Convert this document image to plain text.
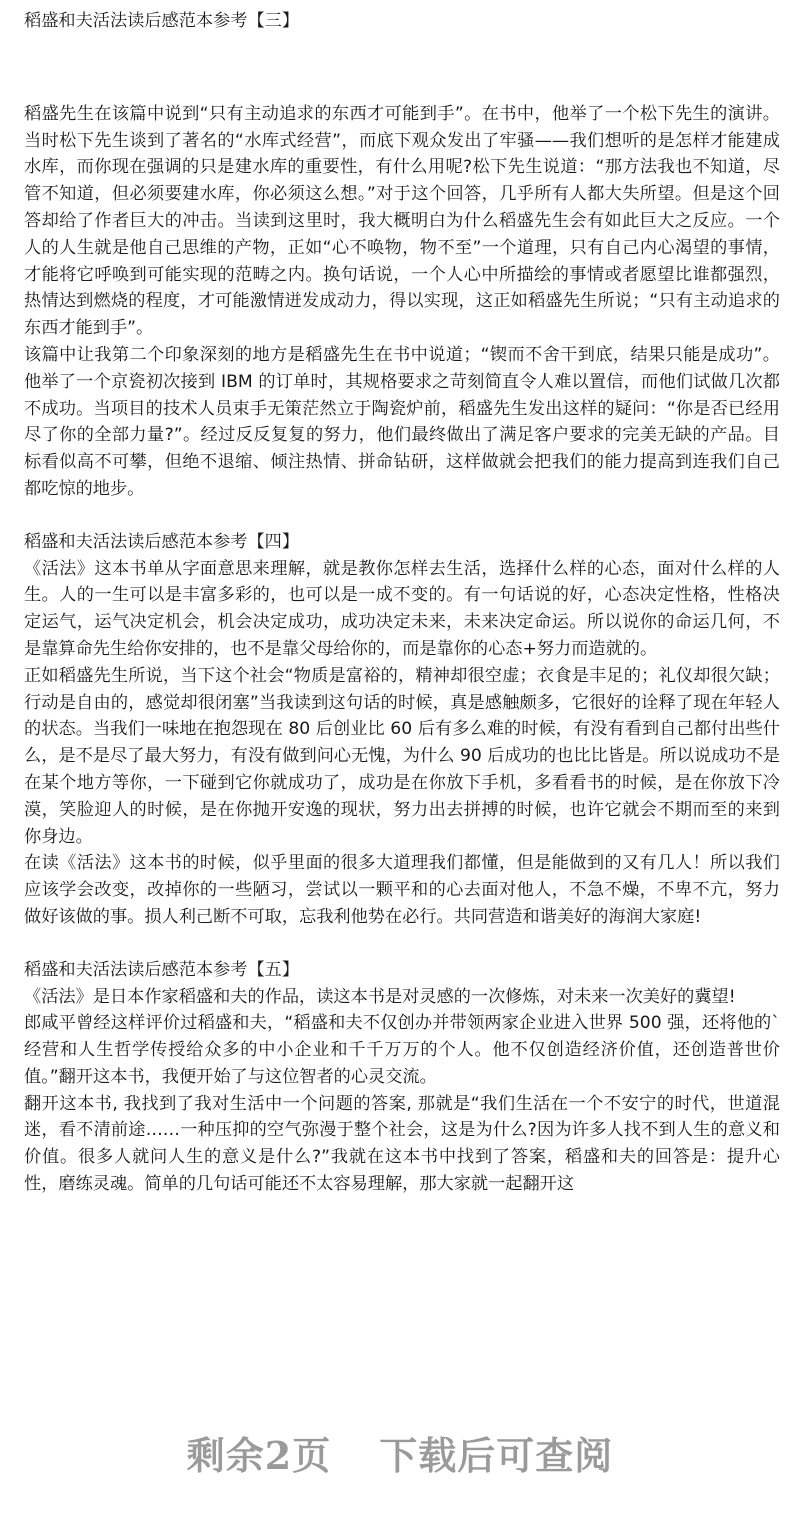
稻盛和夫活法读后感范本参考【三】

稻盛先生在该篇中说到“只有主动追求的东西才可能到手”。在书中，他举了一个松下先生的演讲。当时松下先生谈到了著名的“水库式经营”，而底下观众发出了牢骚——我们想听的是怎样才能建成水库，而你现在强调的只是建水库的重要性，有什么用呢?松下先生说道：“那方法我也不知道，尽管不知道，但必须要建水库，你必须这么想。”对于这个回答，几乎所有人都大失所望。但是这个回答却给了作者巨大的冲击。当读到这里时，我大概明白为什么稻盛先生会有如此巨大之反应。一个人的人生就是他自己思维的产物，正如“心不唤物，物不至”一个道理，只有自己内心渴望的事情，才能将它呼唤到可能实现的范畴之内。换句话说，一个人心中所描绘的事情或者愿望比谁都强烈，热情达到燃烧的程度，才可能激情迸发成动力，得以实现，这正如稻盛先生所说；“只有主动追求的东西才能到手”。

该篇中让我第二个印象深刻的地方是稻盛先生在书中说道；“锲而不舍干到底，结果只能是成功”。他举了一个京瓷初次接到 IBM 的订单时，其规格要求之苛刻简直令人难以置信，而他们试做几次都不成功。当项目的技术人员束手无策茫然立于陶瓷炉前，稻盛先生发出这样的疑问：“你是否已经用尽了你的全部力量?”。经过反反复复的努力，他们最终做出了满足客户要求的完美无缺的产品。目标看似高不可攀，但绝不退缩、倾注热情、拼命钻研，这样做就会把我们的能力提高到连我们自己都吃惊的地步。

稻盛和夫活法读后感范本参考【四】

《活法》这本书单从字面意思来理解，就是教你怎样去生活，选择什么样的心态，面对什么样的人生。人的一生可以是丰富多彩的，也可以是一成不变的。有一句话说的好，心态决定性格，性格决定运气，运气决定机会，机会决定成功，成功决定未来，未来决定命运。所以说你的命运几何，不是靠算命先生给你安排的，也不是靠父母给你的，而是靠你的心态+努力而造就的。

正如稻盛先生所说，当下这个社会“物质是富裕的，精神却很空虚；衣食是丰足的；礼仪却很欠缺；行动是自由的，感觉却很闭塞”当我读到这句话的时候，真是感触颇多，它很好的诠释了现在年轻人的状态。当我们一味地在抱怨现在 80 后创业比 60 后有多么难的时候，有没有看到自己都付出些什么，是不是尽了最大努力，有没有做到问心无愧，为什么 90 后成功的也比比皆是。所以说成功不是在某个地方等你，一下碰到它你就成功了，成功是在你放下手机，多看看书的时候，是在你放下冷漠，笑脸迎人的时候，是在你抛开安逸的现状，努力出去拼搏的时候，也许它就会不期而至的来到你身边。

在读《活法》这本书的时候，似乎里面的很多大道理我们都懂，但是能做到的又有几人！所以我们应该学会改变，改掉你的一些陋习，尝试以一颗平和的心去面对他人，不急不燥，不卑不亢，努力做好该做的事。损人利己断不可取，忘我利他势在必行。共同营造和谐美好的海润大家庭!

稻盛和夫活法读后感范本参考【五】

《活法》是日本作家稻盛和夫的作品，读这本书是对灵感的一次修炼，对未来一次美好的冀望!

郎咸平曾经这样评价过稻盛和夫，“稻盛和夫不仅创办并带领两家企业进入世界 500 强，还将他的`经营和人生哲学传授给众多的中小企业和千千万万的个人。他不仅创造经济价值，还创造普世价值。”翻开这本书，我便开始了与这位智者的心灵交流。

翻开这本书, 我找到了我对生活中一个问题的答案, 那就是“我们生活在一个不安宁的时代，世道混迷，看不清前途……一种压抑的空气弥漫于整个社会，这是为什么?因为许多人找不到人生的意义和价值。很多人就问人生的意义是什么?”我就在这本书中找到了答案，稻盛和夫的回答是：提升心性，磨练灵魂。简单的几句话可能还不太容易理解，那大家就一起翻开这

剩余2页 下载后可查阅
